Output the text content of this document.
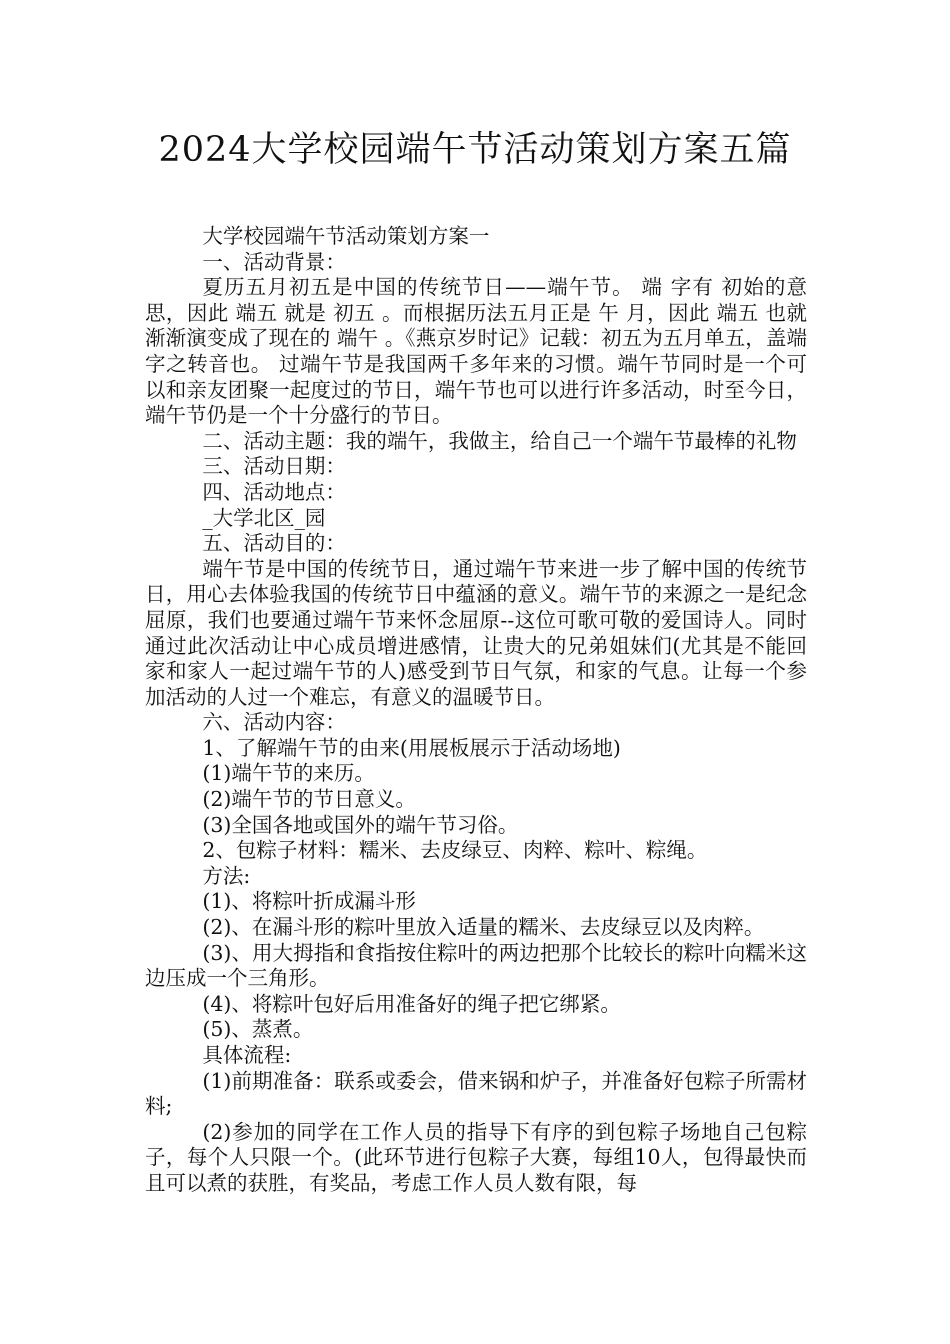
2024大学校园端午节活动策划方案五篇

大学校园端午节活动策划方案一

一、活动背景：

夏历五月初五是中国的传统节日——端午节。 端 字有 初始的意思，因此 端五 就是 初五 。而根据历法五月正是 午 月，因此 端五 也就渐渐演变成了现在的 端午 。《燕京岁时记》记载：初五为五月单五，盖端字之转音也。 过端午节是我国两千多年来的习惯。端午节同时是一个可以和亲友团聚一起度过的节日，端午节也可以进行许多活动，时至今日，端午节仍是一个十分盛行的节日。

二、活动主题：我的端午，我做主，给自己一个端午节最棒的礼物

三、活动日期：

四、活动地点：

_大学北区_园

五、活动目的：

端午节是中国的传统节日，通过端午节来进一步了解中国的传统节日，用心去体验我国的传统节日中蕴涵的意义。端午节的来源之一是纪念屈原，我们也要通过端午节来怀念屈原--这位可歌可敬的爱国诗人。同时通过此次活动让中心成员增进感情，让贵大的兄弟姐妹们(尤其是不能回家和家人一起过端午节的人)感受到节日气氛，和家的气息。让每一个参加活动的人过一个难忘，有意义的温暖节日。

六、活动内容：

1、了解端午节的由来(用展板展示于活动场地)

(1)端午节的来历。

(2)端午节的节日意义。

(3)全国各地或国外的端午节习俗。

2、包粽子材料：糯米、去皮绿豆、肉粹、粽叶、粽绳。

方法:

(1)、将粽叶折成漏斗形

(2)、在漏斗形的粽叶里放入适量的糯米、去皮绿豆以及肉粹。

(3)、用大拇指和食指按住粽叶的两边把那个比较长的粽叶向糯米这边压成一个三角形。

(4)、将粽叶包好后用准备好的绳子把它绑紧。

(5)、蒸煮。

具体流程:

(1)前期准备：联系或委会，借来锅和炉子，并准备好包粽子所需材料;

(2)参加的同学在工作人员的指导下有序的到包粽子场地自己包粽子，每个人只限一个。(此环节进行包粽子大赛，每组10人，包得最快而且可以煮的获胜，有奖品，考虑工作人员人数有限，每
